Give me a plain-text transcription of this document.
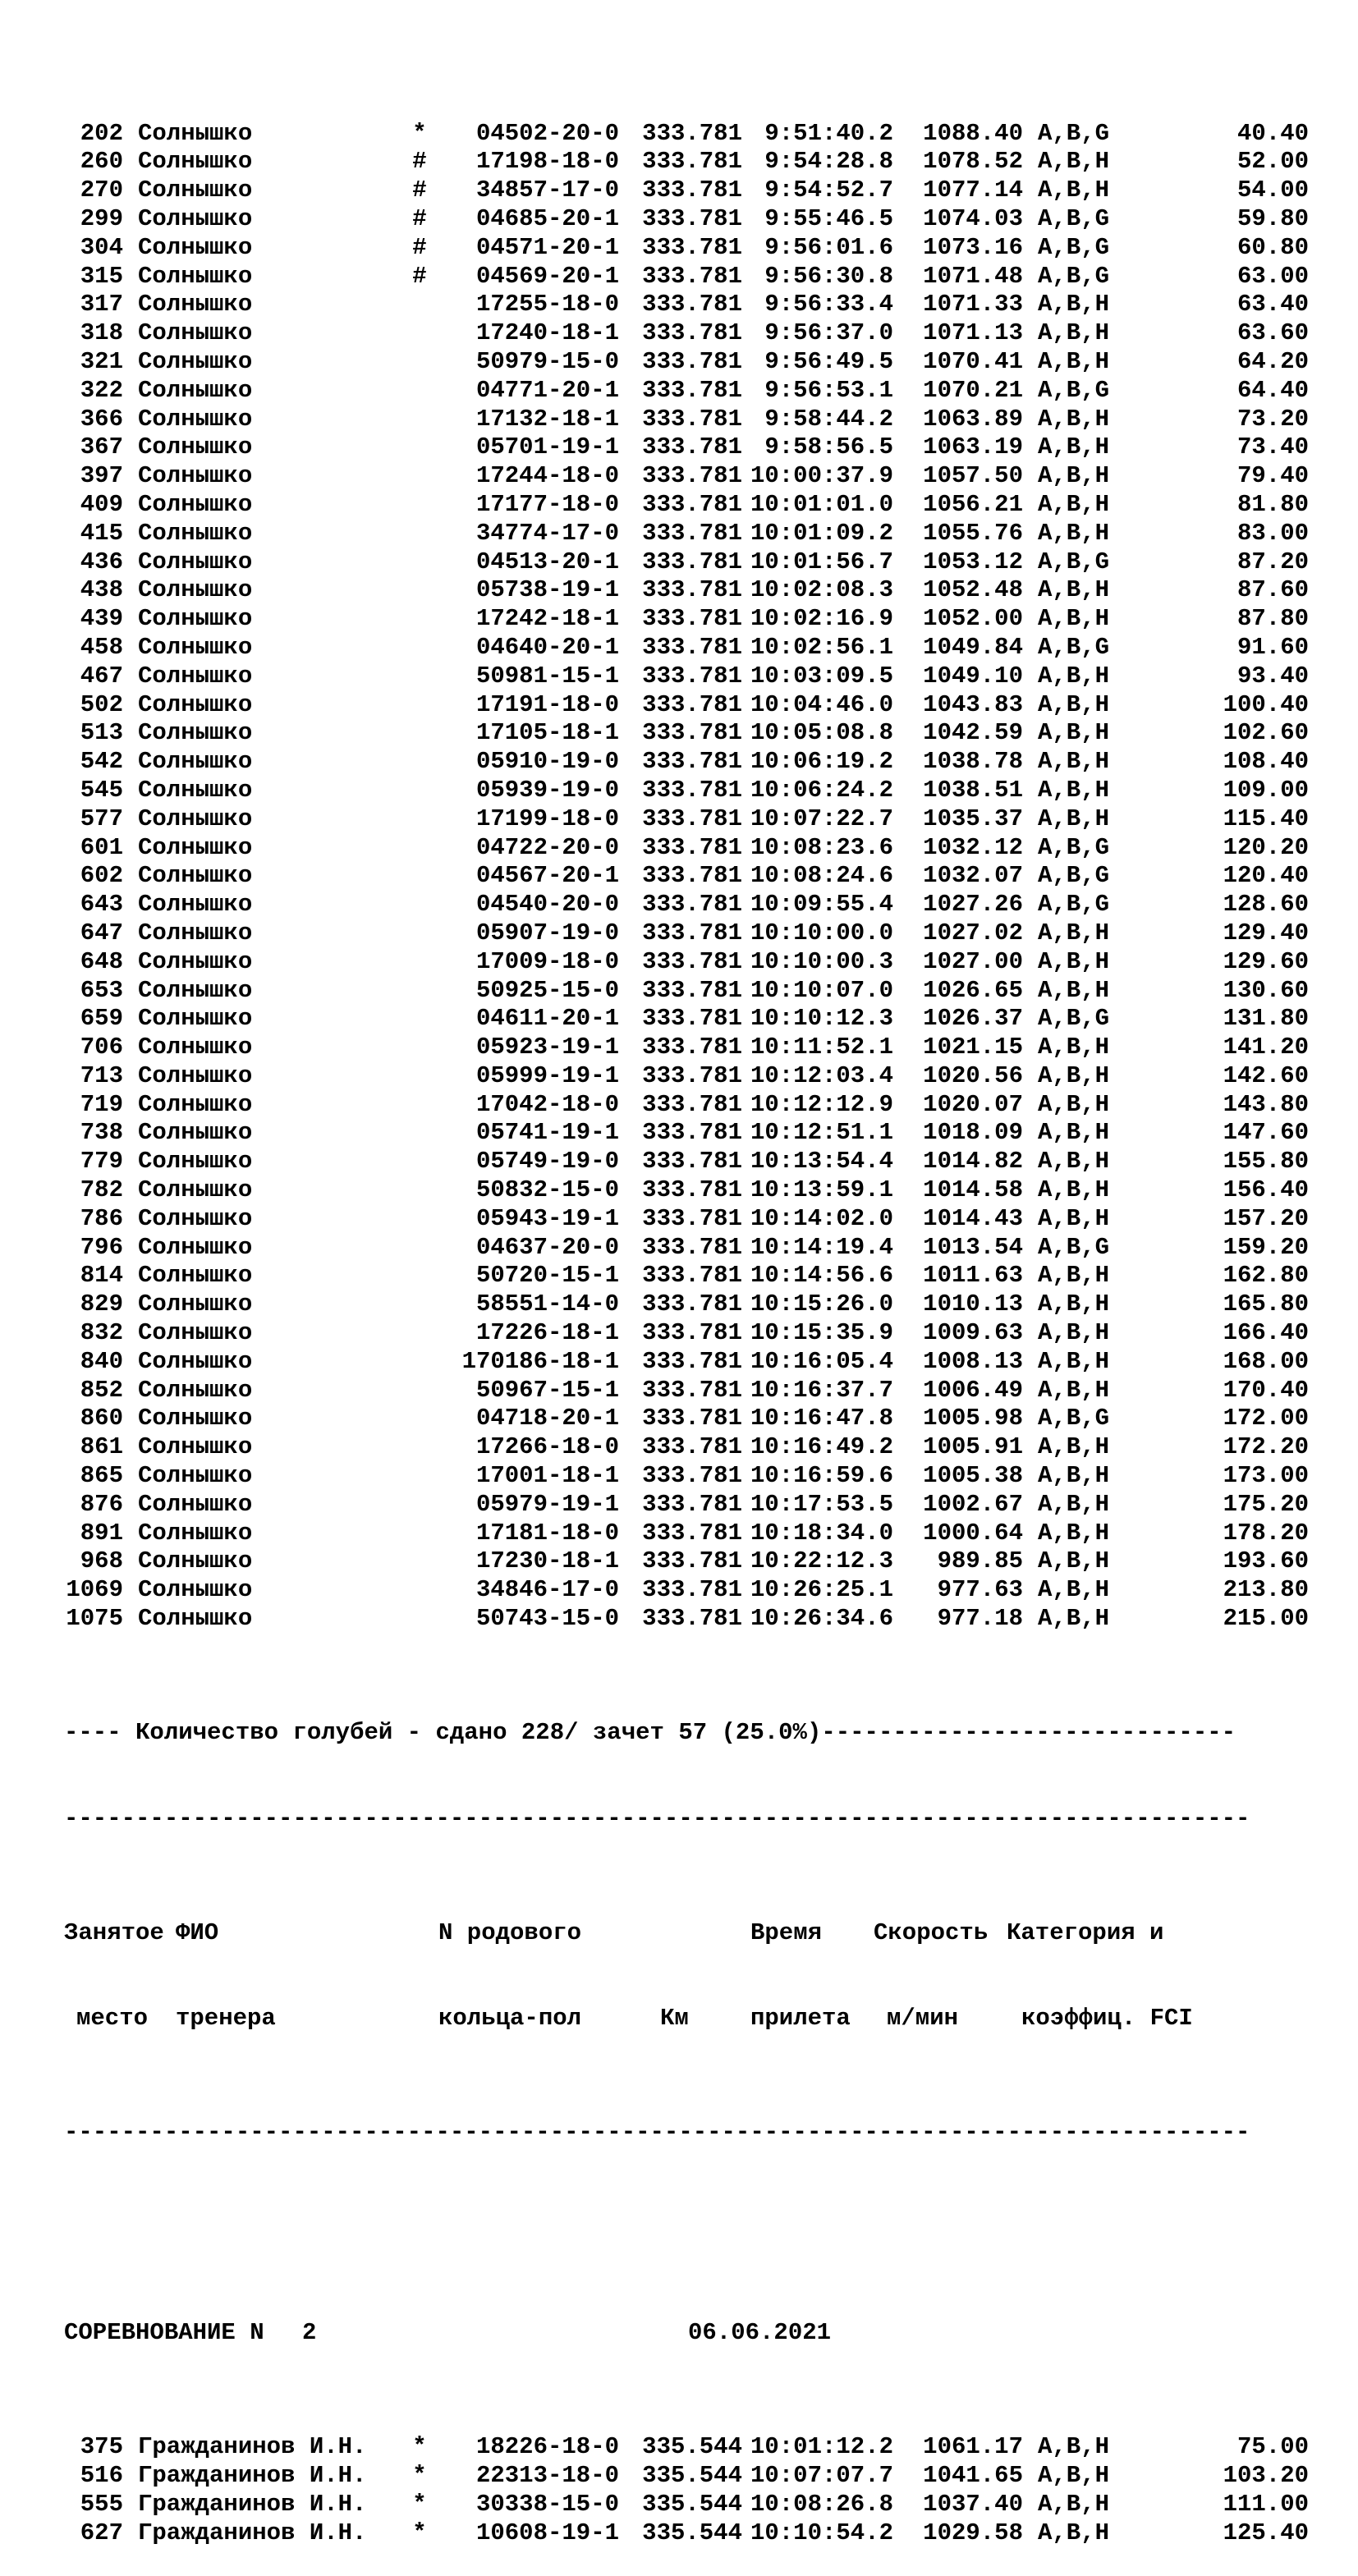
202 Солнышко	* 04502-20-0 333.781 9:51:40.2 1088.40 A,B,G	40.40
260 Солнышко	# 17198-18-0 333.781 9:54:28.8 1078.52 A,B,H	52.00
270 Солнышко	# 34857-17-0 333.781 9:54:52.7 1077.14 A,B,H	54.00
299 Солнышко	# 04685-20-1 333.781 9:55:46.5 1074.03 A,B,G	59.80
304 Солнышко	# 04571-20-1 333.781 9:56:01.6 1073.16 A,B,G	60.80
315 Солнышко	# 04569-20-1 333.781 9:56:30.8 1071.48 A,B,G	63.00
317 Солнышко	17255-18-0 333.781 9:56:33.4 1071.33 A,B,H	63.40
318 Солнышко	17240-18-1 333.781 9:56:37.0 1071.13 A,B,H	63.60
321 Солнышко	50979-15-0 333.781 9:56:49.5 1070.41 A,B,H	64.20
322 Солнышко	04771-20-1 333.781 9:56:53.1 1070.21 A,B,G	64.40
366 Солнышко	17132-18-1 333.781 9:58:44.2 1063.89 A,B,H	73.20
367 Солнышко	05701-19-1 333.781 9:58:56.5 1063.19 A,B,H	73.40
397 Солнышко	17244-18-0 333.781 10:00:37.9 1057.50 A,B,H	79.40
409 Солнышко	17177-18-0 333.781 10:01:01.0 1056.21 A,B,H	81.80
415 Солнышко	34774-17-0 333.781 10:01:09.2 1055.76 A,B,H	83.00
436 Солнышко	04513-20-1 333.781 10:01:56.7 1053.12 A,B,G	87.20
438 Солнышко	05738-19-1 333.781 10:02:08.3 1052.48 A,B,H	87.60
439 Солнышко	17242-18-1 333.781 10:02:16.9 1052.00 A,B,H	87.80
458 Солнышко	04640-20-1 333.781 10:02:56.1 1049.84 A,B,G	91.60
467 Солнышко	50981-15-1 333.781 10:03:09.5 1049.10 A,B,H	93.40
502 Солнышко	17191-18-0 333.781 10:04:46.0 1043.83 A,B,H	100.40
513 Солнышко	17105-18-1 333.781 10:05:08.8 1042.59 A,B,H	102.60
542 Солнышко	05910-19-0 333.781 10:06:19.2 1038.78 A,B,H	108.40
545 Солнышко	05939-19-0 333.781 10:06:24.2 1038.51 A,B,H	109.00
577 Солнышко	17199-18-0 333.781 10:07:22.7 1035.37 A,B,H	115.40
601 Солнышко	04722-20-0 333.781 10:08:23.6 1032.12 A,B,G	120.20
602 Солнышко	04567-20-1 333.781 10:08:24.6 1032.07 A,B,G	120.40
643 Солнышко	04540-20-0 333.781 10:09:55.4 1027.26 A,B,G	128.60
647 Солнышко	05907-19-0 333.781 10:10:00.0 1027.02 A,B,H	129.40
648 Солнышко	17009-18-0 333.781 10:10:00.3 1027.00 A,B,H	129.60
653 Солнышко	50925-15-0 333.781 10:10:07.0 1026.65 A,B,H	130.60
659 Солнышко	04611-20-1 333.781 10:10:12.3 1026.37 A,B,G	131.80
706 Солнышко	05923-19-1 333.781 10:11:52.1 1021.15 A,B,H	141.20
713 Солнышко	05999-19-1 333.781 10:12:03.4 1020.56 A,B,H	142.60
719 Солнышко	17042-18-0 333.781 10:12:12.9 1020.07 A,B,H	143.80
738 Солнышко	05741-19-1 333.781 10:12:51.1 1018.09 A,B,H	147.60
779 Солнышко	05749-19-0 333.781 10:13:54.4 1014.82 A,B,H	155.80
782 Солнышко	50832-15-0 333.781 10:13:59.1 1014.58 A,B,H	156.40
786 Солнышко	05943-19-1 333.781 10:14:02.0 1014.43 A,B,H	157.20
796 Солнышко	04637-20-0 333.781 10:14:19.4 1013.54 A,B,G	159.20
814 Солнышко	50720-15-1 333.781 10:14:56.6 1011.63 A,B,H	162.80
829 Солнышко	58551-14-0 333.781 10:15:26.0 1010.13 A,B,H	165.80
832 Солнышко	17226-18-1 333.781 10:15:35.9 1009.63 A,B,H	166.40
840 Солнышко	170186-18-1 333.781 10:16:05.4 1008.13 A,B,H	168.00
852 Солнышко	50967-15-1 333.781 10:16:37.7 1006.49 A,B,H	170.40
860 Солнышко	04718-20-1 333.781 10:16:47.8 1005.98 A,B,G	172.00
861 Солнышко	17266-18-0 333.781 10:16:49.2 1005.91 A,B,H	172.20
865 Солнышко	17001-18-1 333.781 10:16:59.6 1005.38 A,B,H	173.00
876 Солнышко	05979-19-1 333.781 10:17:53.5 1002.67 A,B,H	175.20
891 Солнышко	17181-18-0 333.781 10:18:34.0 1000.64 A,B,H	178.20
968 Солнышко	17230-18-1 333.781 10:22:12.3 989.85 A,B,H	193.60
1069 Солнышко	34846-17-0 333.781 10:26:25.1 977.63 A,B,H	213.80
1075 Солнышко	50743-15-0 333.781 10:26:34.6 977.18 A,B,H	215.00

---- Количество голубей - сдано 228/ зачет 57 (25.0%)-----------------------------

-----------------------------------------------------------------------------------

Занятое ФИО	N родового	Время Скорость Категория и

место тренера	кольца-пол	Км	прилета м/мин	коэффиц. FCI

-----------------------------------------------------------------------------------

СОРЕВНОВАНИЕ N 2	06.06.2021

375 Гражданинов И.Н. * 18226-18-0 335.544 10:01:12.2 1061.17 A,B,H	75.00
516 Гражданинов И.Н. * 22313-18-0 335.544 10:07:07.7 1041.65 A,B,H	103.20
555 Гражданинов И.Н. * 30338-15-0 335.544 10:08:26.8 1037.40 A,B,H	111.00
627 Гражданинов И.Н. * 10608-19-1 335.544 10:10:54.2 1029.58 A,B,H	125.40
